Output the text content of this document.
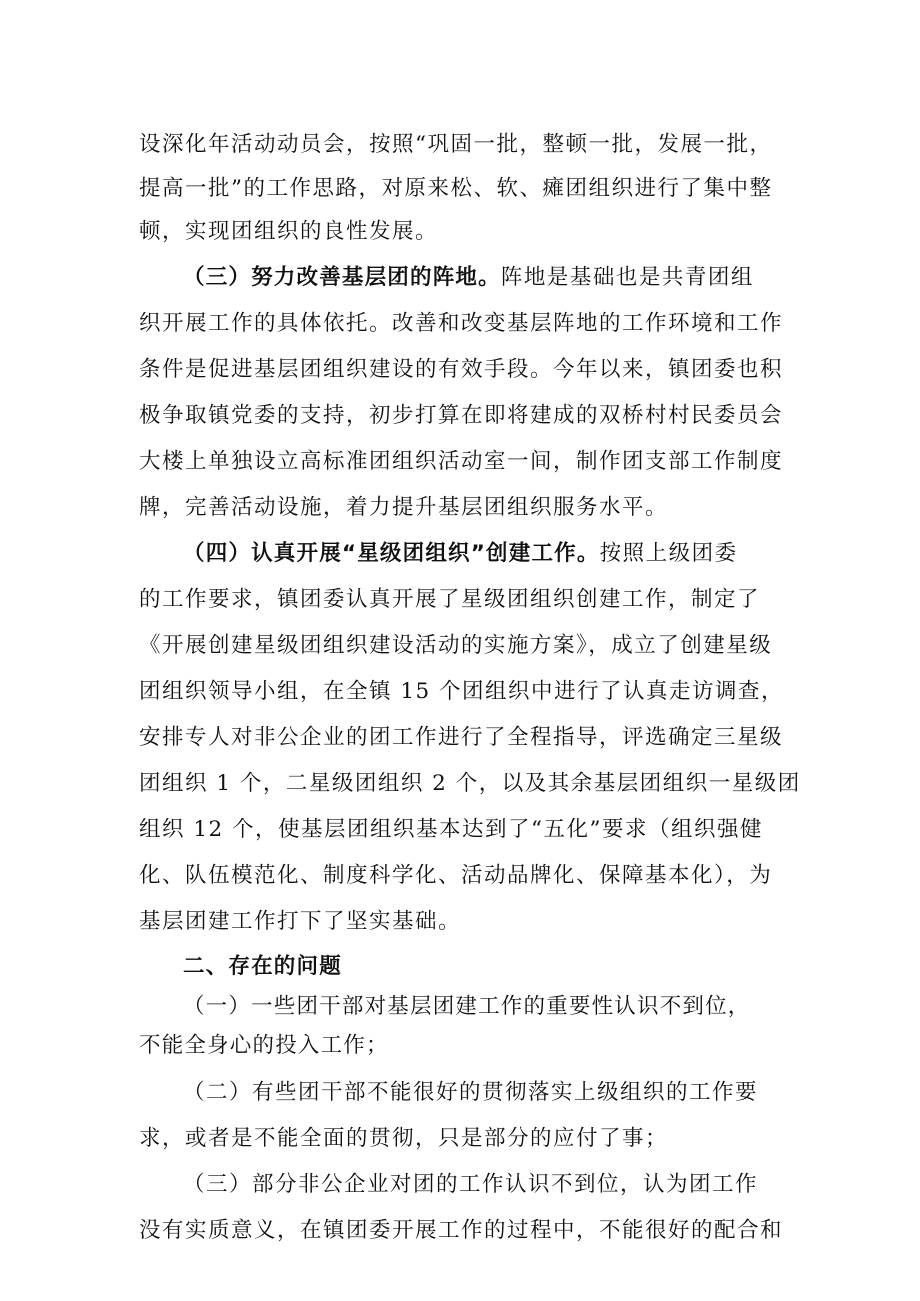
设深化年活动动员会，按照“巩固一批，整顿一批，发展一批，
提高一批”的工作思路，对原来松、软、瘫团组织进行了集中整
顿，实现团组织的良性发展。
（三）努力改善基层团的阵地。阵地是基础也是共青团组
织开展工作的具体依托。改善和改变基层阵地的工作环境和工作
条件是促进基层团组织建设的有效手段。今年以来，镇团委也积
极争取镇党委的支持，初步打算在即将建成的双桥村村民委员会
大楼上单独设立高标准团组织活动室一间，制作团支部工作制度
牌，完善活动设施，着力提升基层团组织服务水平。
（四）认真开展“星级团组织”创建工作。按照上级团委
的工作要求，镇团委认真开展了星级团组织创建工作，制定了
《开展创建星级团组织建设活动的实施方案》，成立了创建星级
团组织领导小组，在全镇 15 个团组织中进行了认真走访调查，
安排专人对非公企业的团工作进行了全程指导，评选确定三星级
团组织 1 个，二星级团组织 2 个，以及其余基层团组织一星级团
组织 12 个，使基层团组织基本达到了“五化”要求（组织强健
化、队伍模范化、制度科学化、活动品牌化、保障基本化），为
基层团建工作打下了坚实基础。
二、存在的问题
（一）一些团干部对基层团建工作的重要性认识不到位，
不能全身心的投入工作；
（二）有些团干部不能很好的贯彻落实上级组织的工作要
求，或者是不能全面的贯彻，只是部分的应付了事；
（三）部分非公企业对团的工作认识不到位，认为团工作
没有实质意义，在镇团委开展工作的过程中，不能很好的配合和
